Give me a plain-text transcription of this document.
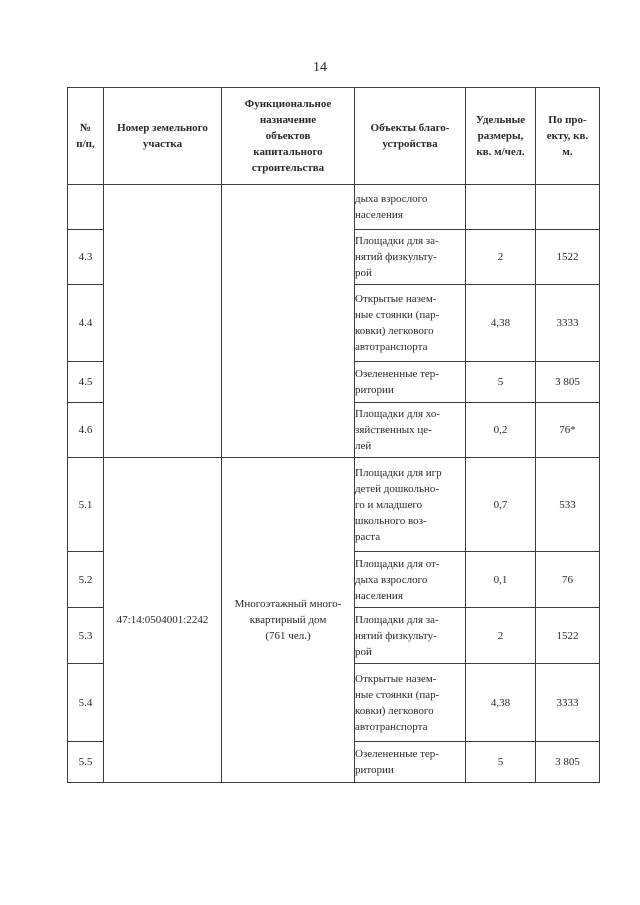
14
№
п/п,	Номер земельного
участка	Функциональное
назначение
объектов
капитального
строительства	Объекты благо-
устройства	Удельные
размеры,
кв. м/чел.	По про-
екту, кв.
м.

			дыха взрослого
населения		

4.3			Площадки для за-
нятий физкульту-
рой	2	1522
4.4			Открытые назем-
ные стоянки (пар-
ковки) легкового
автотранспорта	4,38	3333
4.5			Озелененные тер-
ритории	5	3 805
4.6			Площадки для хо-
зяйственных це-
лей	0,2	76*
5.1	47:14:0504001:2242	Многоэтажный много-
квартирный дом
(761 чел.)	Площадки для игр
детей дошкольно-
го и младшего
школьного воз-
раста	0,7	533
5.2			Площадки для от-
дыха взрослого
населения	0,1	76
5.3			Площадки для за-
нятий физкульту-
рой	2	1522
5.4			Открытые назем-
ные стоянки (пар-
ковки) легкового
автотранспорта	4,38	3333
5.5			Озелененные тер-
ритории	5	3 805
